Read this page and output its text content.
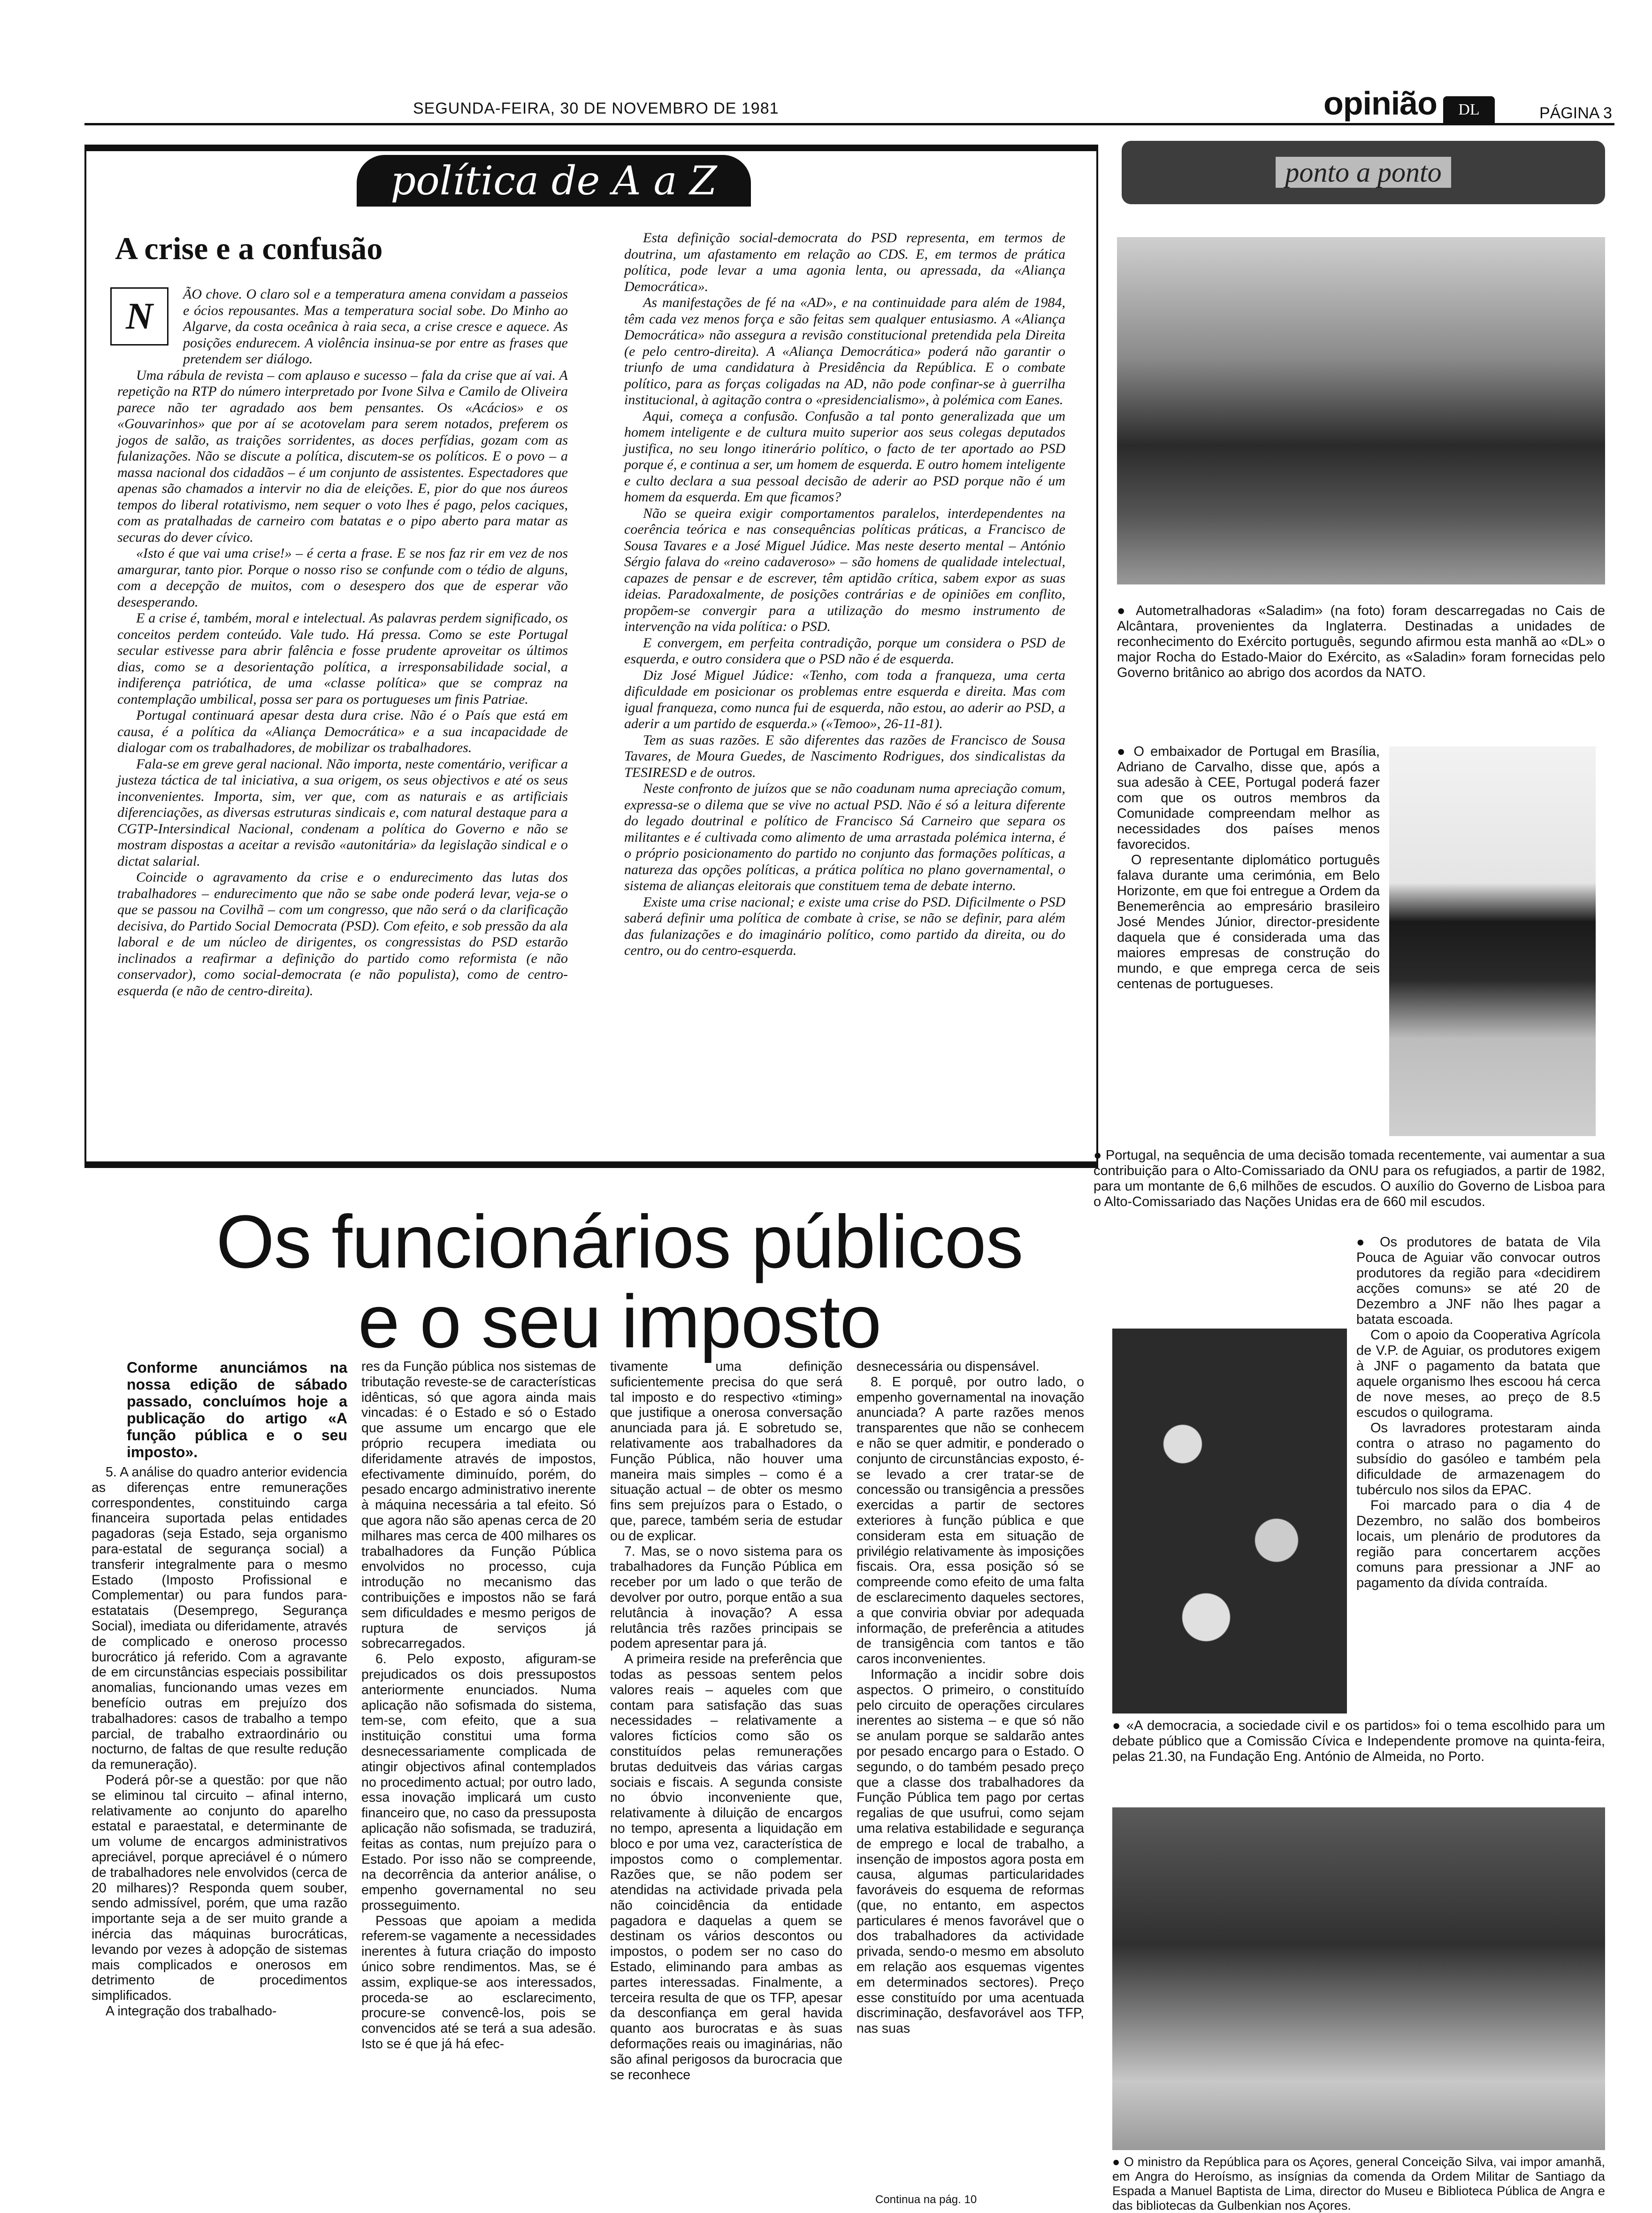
SEGUNDA-FEIRA, 30 DE NOVEMBRO DE 1981	opinião	DL	PÁGINA 3
política de A a Z
A crise e a confusão
N

ÃO chove. O claro sol e a temperatura amena convidam a passeios e ócios repousantes. Mas a temperatura social sobe. Do Minho ao Algarve, da costa oceânica à raia seca, a crise cresce e aquece. As posições endurecem. A violência insinua-se por entre as frases que pretendem ser diálogo.

Uma rábula de revista – com aplauso e sucesso – fala da crise que aí vai. A repetição na RTP do número interpretado por Ivone Silva e Camilo de Oliveira parece não ter agradado aos bem pensantes. Os «Acácios» e os «Gouvarinhos» que por aí se acotovelam para serem notados, preferem os jogos de salão, as traições sorridentes, as doces perfídias, gozam com as fulanizações. Não se discute a política, discutem-se os políticos. E o povo – a massa nacional dos cidadãos – é um conjunto de assistentes. Espectadores que apenas são chamados a intervir no dia de eleições. E, pior do que nos áureos tempos do liberal rotativismo, nem sequer o voto lhes é pago, pelos caciques, com as pratalhadas de carneiro com batatas e o pipo aberto para matar as securas do dever cívico.

«Isto é que vai uma crise!» – é certa a frase. E se nos faz rir em vez de nos amargurar, tanto pior. Porque o nosso riso se confunde com o tédio de alguns, com a decepção de muitos, com o desespero dos que de esperar vão desesperando.

E a crise é, também, moral e intelectual. As palavras perdem significado, os conceitos perdem conteúdo. Vale tudo. Há pressa. Como se este Portugal secular estivesse para abrir falência e fosse prudente aproveitar os últimos dias, como se a desorientação política, a irresponsabilidade social, a indiferença patriótica, de uma «classe política» que se compraz na contemplação umbilical, possa ser para os portugueses um finis Patriae.

Portugal continuará apesar desta dura crise. Não é o País que está em causa, é a política da «Aliança Democrática» e a sua incapacidade de dialogar com os trabalhadores, de mobilizar os trabalhadores.

Fala-se em greve geral nacional. Não importa, neste comentário, verificar a justeza táctica de tal iniciativa, a sua origem, os seus objectivos e até os seus inconvenientes. Importa, sim, ver que, com as naturais e as artificiais diferenciações, as diversas estruturas sindicais e, com natural destaque para a CGTP-Intersindical Nacional, condenam a política do Governo e não se mostram dispostas a aceitar a revisão «autonitária» da legislação sindical e o dictat salarial.

Coincide o agravamento da crise e o endurecimento das lutas dos trabalhadores – endurecimento que não se sabe onde poderá levar, veja-se o que se passou na Covilhã – com um congresso, que não será o da clarificação decisiva, do Partido Social Democrata (PSD). Com efeito, e sob pressão da ala laboral e de um núcleo de dirigentes, os congressistas do PSD estarão inclinados a reafirmar a definição do partido como reformista (e não conservador), como social-democrata (e não populista), como de centro-esquerda (e não de centro-direita).

Esta definição social-democrata do PSD representa, em termos de doutrina, um afastamento em relação ao CDS. E, em termos de prática política, pode levar a uma agonia lenta, ou apressada, da «Aliança Democrática».

As manifestações de fé na «AD», e na continuidade para além de 1984, têm cada vez menos força e são feitas sem qualquer entusiasmo. A «Aliança Democrática» não assegura a revisão constitucional pretendida pela Direita (e pelo centro-direita). A «Aliança Democrática» poderá não garantir o triunfo de uma candidatura à Presidência da República. E o combate político, para as forças coligadas na AD, não pode confinar-se à guerrilha institucional, à agitação contra o «presidencialismo», à polémica com Eanes.

Aqui, começa a confusão. Confusão a tal ponto generalizada que um homem inteligente e de cultura muito superior aos seus colegas deputados justifica, no seu longo itinerário político, o facto de ter aportado ao PSD porque é, e continua a ser, um homem de esquerda. E outro homem inteligente e culto declara a sua pessoal decisão de aderir ao PSD porque não é um homem da esquerda. Em que ficamos?

Não se queira exigir comportamentos paralelos, interdependentes na coerência teórica e nas consequências políticas práticas, a Francisco de Sousa Tavares e a José Miguel Júdice. Mas neste deserto mental – António Sérgio falava do «reino cadaveroso» – são homens de qualidade intelectual, capazes de pensar e de escrever, têm aptidão crítica, sabem expor as suas ideias. Paradoxalmente, de posições contrárias e de opiniões em conflito, propõem-se convergir para a utilização do mesmo instrumento de intervenção na vida política: o PSD.

E convergem, em perfeita contradição, porque um considera o PSD de esquerda, e outro considera que o PSD não é de esquerda.

Diz José Miguel Júdice: «Tenho, com toda a franqueza, uma certa dificuldade em posicionar os problemas entre esquerda e direita. Mas com igual franqueza, como nunca fui de esquerda, não estou, ao aderir ao PSD, a aderir a um partido de esquerda.» («Temoo», 26-11-81).

Tem as suas razões. E são diferentes das razões de Francisco de Sousa Tavares, de Moura Guedes, de Nascimento Rodrigues, dos sindicalistas da TESIRESD e de outros.

Neste confronto de juízos que se não coadunam numa apreciação comum, expressa-se o dilema que se vive no actual PSD. Não é só a leitura diferente do legado doutrinal e político de Francisco Sá Carneiro que separa os militantes e é cultivada como alimento de uma arrastada polémica interna, é o próprio posicionamento do partido no conjunto das formações políticas, a natureza das opções políticas, a prática política no plano governamental, o sistema de alianças eleitorais que constituem tema de debate interno.

Existe uma crise nacional; e existe uma crise do PSD. Dificilmente o PSD saberá definir uma política de combate à crise, se não se definir, para além das fulanizações e do imaginário político, como partido da direita, ou do centro, ou do centro-esquerda.

ponto a ponto
● Autometralhadoras «Saladim» (na foto) foram descarregadas no Cais de Alcântara, provenientes da Inglaterra. Destinadas a unidades de reconhecimento do Exército português, segundo afirmou esta manhã ao «DL» o major Rocha do Estado-Maior do Exército, as «Saladin» foram fornecidas pelo Governo britânico ao abrigo dos acordos da NATO.

● O embaixador de Portugal em Brasília, Adriano de Carvalho, disse que, após a sua adesão à CEE, Portugal poderá fazer com que os outros membros da Comunidade compreendam melhor as necessidades dos países menos favorecidos.

O representante diplomático português falava durante uma cerimónia, em Belo Horizonte, em que foi entregue a Ordem da Benemerência ao empresário brasileiro José Mendes Júnior, director-presidente daquela que é considerada uma das maiores empresas de construção do mundo, e que emprega cerca de seis centenas de portugueses.

● Portugal, na sequência de uma decisão tomada recentemente, vai aumentar a sua contribuição para o Alto-Comissariado da ONU para os refugiados, a partir de 1982, para um montante de 6,6 milhões de escudos. O auxílio do Governo de Lisboa para o Alto-Comissariado das Nações Unidas era de 660 mil escudos.

● Os produtores de batata de Vila Pouca de Aguiar vão convocar outros produtores da região para «decidirem acções comuns» se até 20 de Dezembro a JNF não lhes pagar a batata escoada.

Com o apoio da Cooperativa Agrícola de V.P. de Aguiar, os produtores exigem à JNF o pagamento da batata que aquele organismo lhes escoou há cerca de nove meses, ao preço de 8.5 escudos o quilograma.

Os lavradores protestaram ainda contra o atraso no pagamento do subsídio do gasóleo e também pela dificuldade de armazenagem do tubérculo nos silos da EPAC.

Foi marcado para o dia 4 de Dezembro, no salão dos bombeiros locais, um plenário de produtores da região para concertarem acções comuns para pressionar a JNF ao pagamento da dívida contraída.

● «A democracia, a sociedade civil e os partidos» foi o tema escolhido para um debate público que a Comissão Cívica e Independente promove na quinta-feira, pelas 21.30, na Fundação Eng. António de Almeida, no Porto.
● O ministro da República para os Açores, general Conceição Silva, vai impor amanhã, em Angra do Heroísmo, as insígnias da comenda da Ordem Militar de Santiago da Espada a Manuel Baptista de Lima, director do Museu e Biblioteca Pública de Angra e das bibliotecas da Gulbenkian nos Açores.
Os funcionários públicos
e o seu imposto
Conforme anunciámos na nossa edição de sábado passado, concluímos hoje a publicação do artigo «A função pública e o seu imposto».

5. A análise do quadro anterior evidencia as diferenças entre remunerações correspondentes, constituindo carga financeira suportada pelas entidades pagadoras (seja Estado, seja organismo para-estatal de segurança social) a transferir integralmente para o mesmo Estado (Imposto Profissional e Complementar) ou para fundos para-estatatais (Desemprego, Segurança Social), imediata ou diferidamente, através de complicado e oneroso processo burocrático já referido. Com a agravante de em circunstâncias especiais possibilitar anomalias, funcionando umas vezes em benefício outras em prejuízo dos trabalhadores: casos de trabalho a tempo parcial, de trabalho extraordinário ou nocturno, de faltas de que resulte redução da remuneração).

Poderá pôr-se a questão: por que não se eliminou tal circuito – afinal interno, relativamente ao conjunto do aparelho estatal e paraestatal, e determinante de um volume de encargos administrativos apreciável, porque apreciável é o número de trabalhadores nele envolvidos (cerca de 20 milhares)? Responda quem souber, sendo admissível, porém, que uma razão importante seja a de ser muito grande a inércia das máquinas burocráticas, levando por vezes à adopção de sistemas mais complicados e onerosos em detrimento de procedimentos simplificados.

A integração dos trabalhado-

res da Função pública nos sistemas de tributação reveste-se de características idênticas, só que agora ainda mais vincadas: é o Estado e só o Estado que assume um encargo que ele próprio recupera imediata ou diferidamente através de impostos, efectivamente diminuído, porém, do pesado encargo administrativo inerente à máquina necessária a tal efeito. Só que agora não são apenas cerca de 20 milhares mas cerca de 400 milhares os trabalhadores da Função Pública envolvidos no processo, cuja introdução no mecanismo das contribuições e impostos não se fará sem dificuldades e mesmo perigos de ruptura de serviços já sobrecarregados.

6. Pelo exposto, afiguram-se prejudicados os dois pressupostos anteriormente enunciados. Numa aplicação não sofismada do sistema, tem-se, com efeito, que a sua instituição constitui uma forma desnecessariamente complicada de atingir objectivos afinal contemplados no procedimento actual; por outro lado, essa inovação implicará um custo financeiro que, no caso da pressuposta aplicação não sofismada, se traduzirá, feitas as contas, num prejuízo para o Estado. Por isso não se compreende, na decorrência da anterior análise, o empenho governamental no seu prosseguimento.

Pessoas que apoiam a medida referem-se vagamente a necessidades inerentes à futura criação do imposto único sobre rendimentos. Mas, se é assim, explique-se aos interessados, proceda-se ao esclarecimento, procure-se convencê-los, pois se convencidos até se terá a sua adesão. Isto se é que já há efec-

tivamente uma definição suficientemente precisa do que será tal imposto e do respectivo «timing» que justifique a onerosa conversação anunciada para já. E sobretudo se, relativamente aos trabalhadores da Função Pública, não houver uma maneira mais simples – como é a situação actual – de obter os mesmo fins sem prejuízos para o Estado, o que, parece, também seria de estudar ou de explicar.

7. Mas, se o novo sistema para os trabalhadores da Função Pública em receber por um lado o que terão de devolver por outro, porque então a sua relutância à inovação? A essa relutância três razões principais se podem apresentar para já.

A primeira reside na preferência que todas as pessoas sentem pelos valores reais – aqueles com que contam para satisfação das suas necessidades – relativamente a valores fictícios como são os constituídos pelas remunerações brutas deduitveis das várias cargas sociais e fiscais. A segunda consiste no óbvio inconveniente que, relativamente à diluição de encargos no tempo, apresenta a liquidação em bloco e por uma vez, característica de impostos como o complementar. Razões que, se não podem ser atendidas na actividade privada pela não coincidência da entidade pagadora e daquelas a quem se destinam os vários descontos ou impostos, o podem ser no caso do Estado, eliminando para ambas as partes interessadas. Finalmente, a terceira resulta de que os TFP, apesar da desconfiança em geral havida quanto aos burocratas e às suas deformações reais ou imaginárias, não são afinal perigosos da burocracia que se reconhece

desnecessária ou dispensável.

8. E porquê, por outro lado, o empenho governamental na inovação anunciada? A parte razões menos transparentes que não se conhecem e não se quer admitir, e ponderado o conjunto de circunstâncias exposto, é-se levado a crer tratar-se de concessão ou transigência a pressões exercidas a partir de sectores exteriores à função pública e que consideram esta em situação de privilégio relativamente às imposições fiscais. Ora, essa posição só se compreende como efeito de uma falta de esclarecimento daqueles sectores, a que conviria obviar por adequada informação, de preferência a atitudes de transigência com tantos e tão caros inconvenientes.

Informação a incidir sobre dois aspectos. O primeiro, o constituído pelo circuito de operações circulares inerentes ao sistema – e que só não se anulam porque se saldarão antes por pesado encargo para o Estado. O segundo, o do também pesado preço que a classe dos trabalhadores da Função Pública tem pago por certas regalias de que usufrui, como sejam uma relativa estabilidade e segurança de emprego e local de trabalho, a insenção de impostos agora posta em causa, algumas particularidades favoráveis do esquema de reformas (que, no entanto, em aspectos particulares é menos favorável que o dos trabalhadores da actividade privada, sendo-o mesmo em absoluto em relação aos esquemas vigentes em determinados sectores). Preço esse constituído por uma acentuada discriminação, desfavorável aos TFP, nas suas

Continua na pág. 10
